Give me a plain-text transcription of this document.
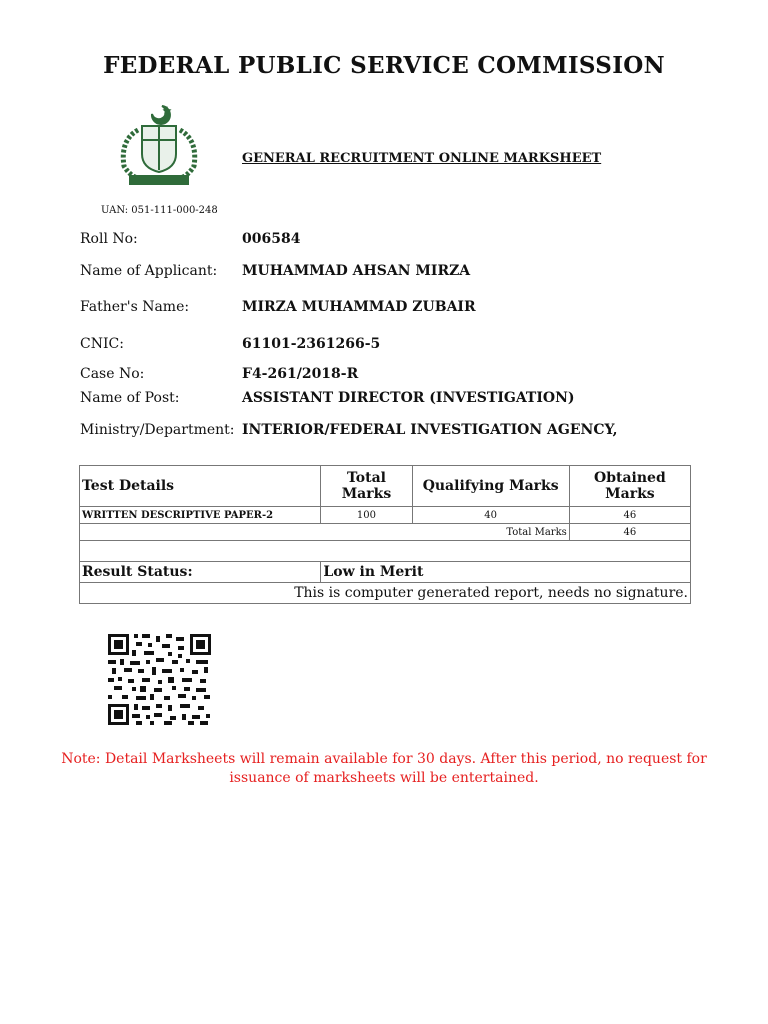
FEDERAL PUBLIC SERVICE COMMISSION
GENERAL RECRUITMENT ONLINE MARKSHEET
UAN: 051-111-000-248
Roll No:	006584
Name of Applicant: MUHAMMAD AHSAN MIRZA
Father's Name:	MIRZA MUHAMMAD ZUBAIR
CNIC:	61101-2361266-5
Case No:	F4-261/2018-R
Name of Post:	ASSISTANT DIRECTOR (INVESTIGATION)
Ministry/Department: INTERIOR/FEDERAL INVESTIGATION AGENCY,
Test Details	Total Marks	Qualifying Marks	Obtained Marks
WRITTEN DESCRIPTIVE PAPER-2	100	40	46
Total Marks			46

Result Status:	Low in Merit		
This is computer generated report, needs no signature.			
Note: Detail Marksheets will remain available for 30 days. After this period, no request for
issuance of marksheets will be entertained.
